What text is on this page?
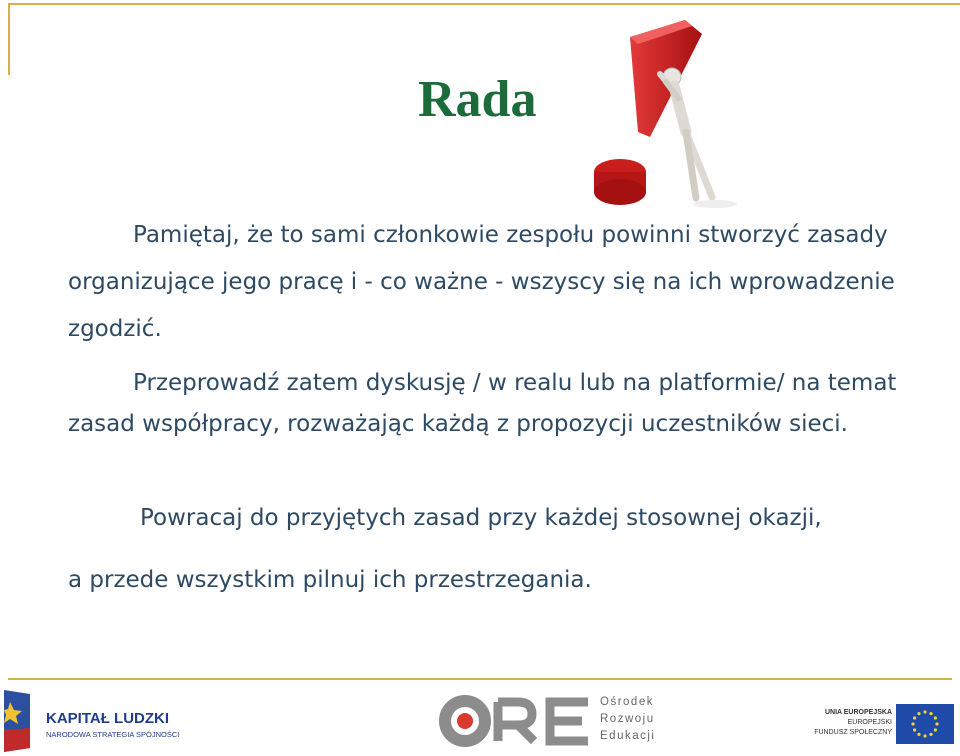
Rada

Pamiętaj, że to sami członkowie zespołu powinni stworzyć zasady organizujące jego pracę i - co ważne - wszyscy się na ich wprowadzenie zgodzić.

Przeprowadź zatem dyskusję / w realu lub na platformie/ na temat zasad współpracy, rozważając każdą z propozycji uczestników sieci.

Powracaj do przyjętych zasad przy każdej stosownej okazji,

a przede wszystkim pilnuj ich przestrzegania.

KAPITAŁ LUDZKI
NARODOWA STRATEGIA SPÓJNOŚCI
Ośrodek
Rozwoju
Edukacji
UNIA EUROPEJSKA
EUROPEJSKI
FUNDUSZ SPOŁECZNY
